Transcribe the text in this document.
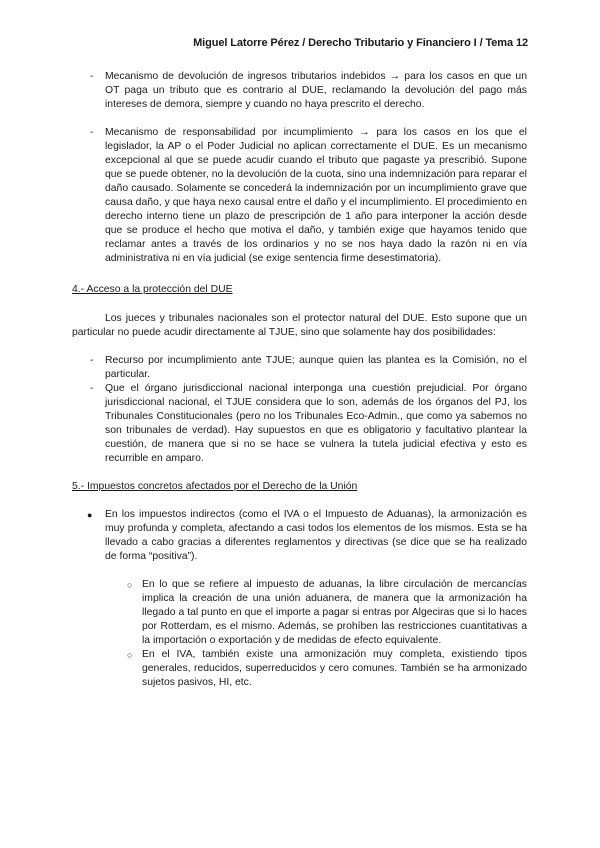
Miguel Latorre Pérez / Derecho Tributario y Financiero I / Tema 12
- Mecanismo de devolución de ingresos tributarios indebidos → para los casos en que un OT paga un tributo que es contrario al DUE, reclamando la devolución del pago más intereses de demora, siempre y cuando no haya prescrito el derecho.
- Mecanismo de responsabilidad por incumplimiento → para los casos en los que el legislador, la AP o el Poder Judicial no aplican correctamente el DUE. Es un mecanismo excepcional al que se puede acudir cuando el tributo que pagaste ya prescribió. Supone que se puede obtener, no la devolución de la cuota, sino una indemnización para reparar el daño causado. Solamente se concederá la indemnización por un incumplimiento grave que causa daño, y que haya nexo causal entre el daño y el incumplimiento. El procedimiento en derecho interno tiene un plazo de prescripción de 1 año para interponer la acción desde que se produce el hecho que motiva el daño, y también exige que hayamos tenido que reclamar antes a través de los ordinarios y no se nos haya dado la razón ni en vía administrativa ni en vía judicial (se exige sentencia firme desestimatoria).

4.- Acceso a la protección del DUE

Los jueces y tribunales nacionales son el protector natural del DUE. Esto supone que un particular no puede acudir directamente al TJUE, sino que solamente hay dos posibilidades:

- Recurso por incumplimiento ante TJUE; aunque quien las plantea es la Comisión, no el particular.
- Que el órgano jurisdiccional nacional interponga una cuestión prejudicial. Por órgano jurisdiccional nacional, el TJUE considera que lo son, además de los órganos del PJ, los Tribunales Constitucionales (pero no los Tribunales Eco-Admin., que como ya sabemos no son tribunales de verdad). Hay supuestos en que es obligatorio y facultativo plantear la cuestión, de manera que si no se hace se vulnera la tutela judicial efectiva y esto es recurrible en amparo.

5.- Impuestos concretos afectados por el Derecho de la Unión

● En los impuestos indirectos (como el IVA o el Impuesto de Aduanas), la armonización es muy profunda y completa, afectando a casi todos los elementos de los mismos. Esta se ha llevado a cabo gracias a diferentes reglamentos y directivas (se dice que se ha realizado de forma “positiva”).
○ En lo que se refiere al impuesto de aduanas, la libre circulación de mercancías implica la creación de una unión aduanera, de manera que la armonización ha llegado a tal punto en que el importe a pagar si entras por Algeciras que si lo haces por Rotterdam, es el mismo. Además, se prohíben las restricciones cuantitativas a la importación o exportación y de medidas de efecto equivalente.
○ En el IVA, también existe una armonización muy completa, existiendo tipos generales, reducidos, superreducidos y cero comunes. También se ha armonizado sujetos pasivos, HI, etc.
